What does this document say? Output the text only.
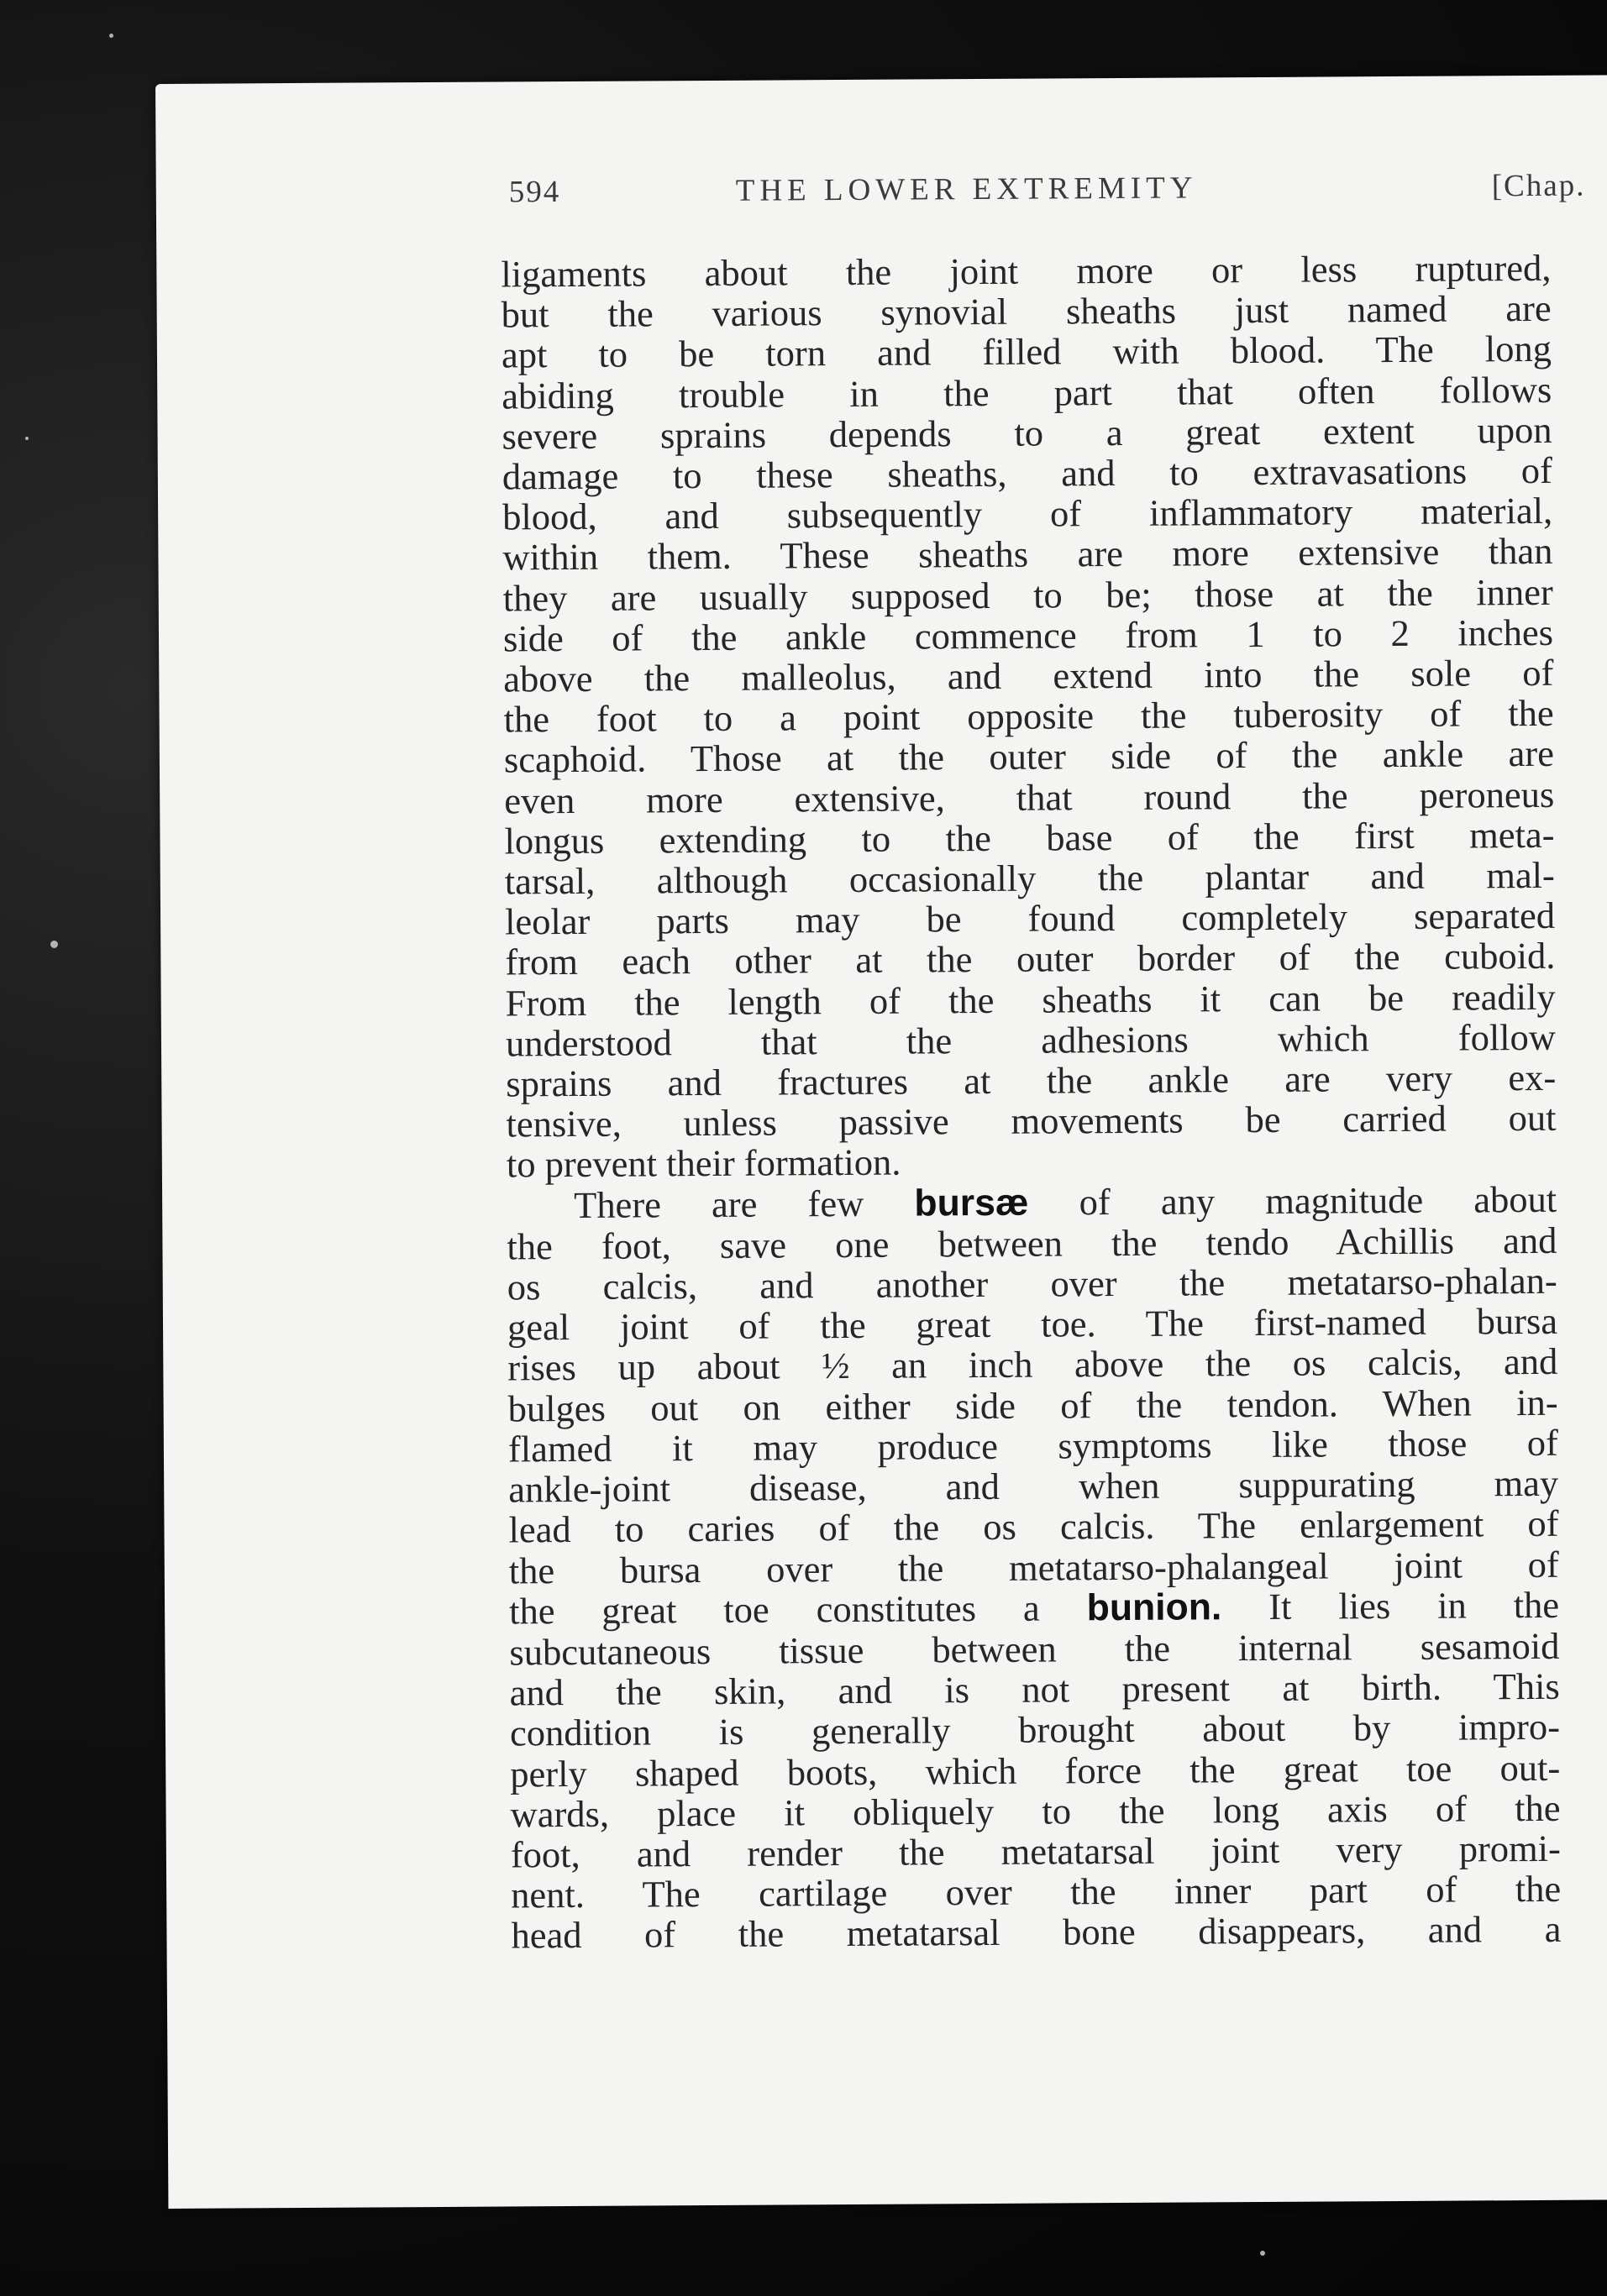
594	THE LOWER EXTREMITY	[Chap.
ligaments about the joint more or less ruptured,
but the various synovial sheaths just named are
apt to be torn and filled with blood. The long
abiding trouble in the part that often follows
severe sprains depends to a great extent upon
damage to these sheaths, and to extravasations of
blood, and subsequently of inflammatory material,
within them. These sheaths are more extensive than
they are usually supposed to be; those at the inner
side of the ankle commence from 1 to 2 inches
above the malleolus, and extend into the sole of
the foot to a point opposite the tuberosity of the
scaphoid. Those at the outer side of the ankle are
even more extensive, that round the peroneus
longus extending to the base of the first meta-
tarsal, although occasionally the plantar and mal-
leolar parts may be found completely separated
from each other at the outer border of the cuboid.
From the length of the sheaths it can be readily
understood that the adhesions which follow
sprains and fractures at the ankle are very ex-
tensive, unless passive movements be carried out
to prevent their formation.
There are few bursæ of any magnitude about
the foot, save one between the tendo Achillis and
os calcis, and another over the metatarso-phalan-
geal joint of the great toe. The first-named bursa
rises up about ½ an inch above the os calcis, and
bulges out on either side of the tendon. When in-
flamed it may produce symptoms like those of
ankle-joint disease, and when suppurating may
lead to caries of the os calcis. The enlargement of
the bursa over the metatarso-phalangeal joint of
the great toe constitutes a bunion. It lies in the
subcutaneous tissue between the internal sesamoid
and the skin, and is not present at birth. This
condition is generally brought about by impro-
perly shaped boots, which force the great toe out-
wards, place it obliquely to the long axis of the
foot, and render the metatarsal joint very promi-
nent. The cartilage over the inner part of the
head of the metatarsal bone disappears, and a
